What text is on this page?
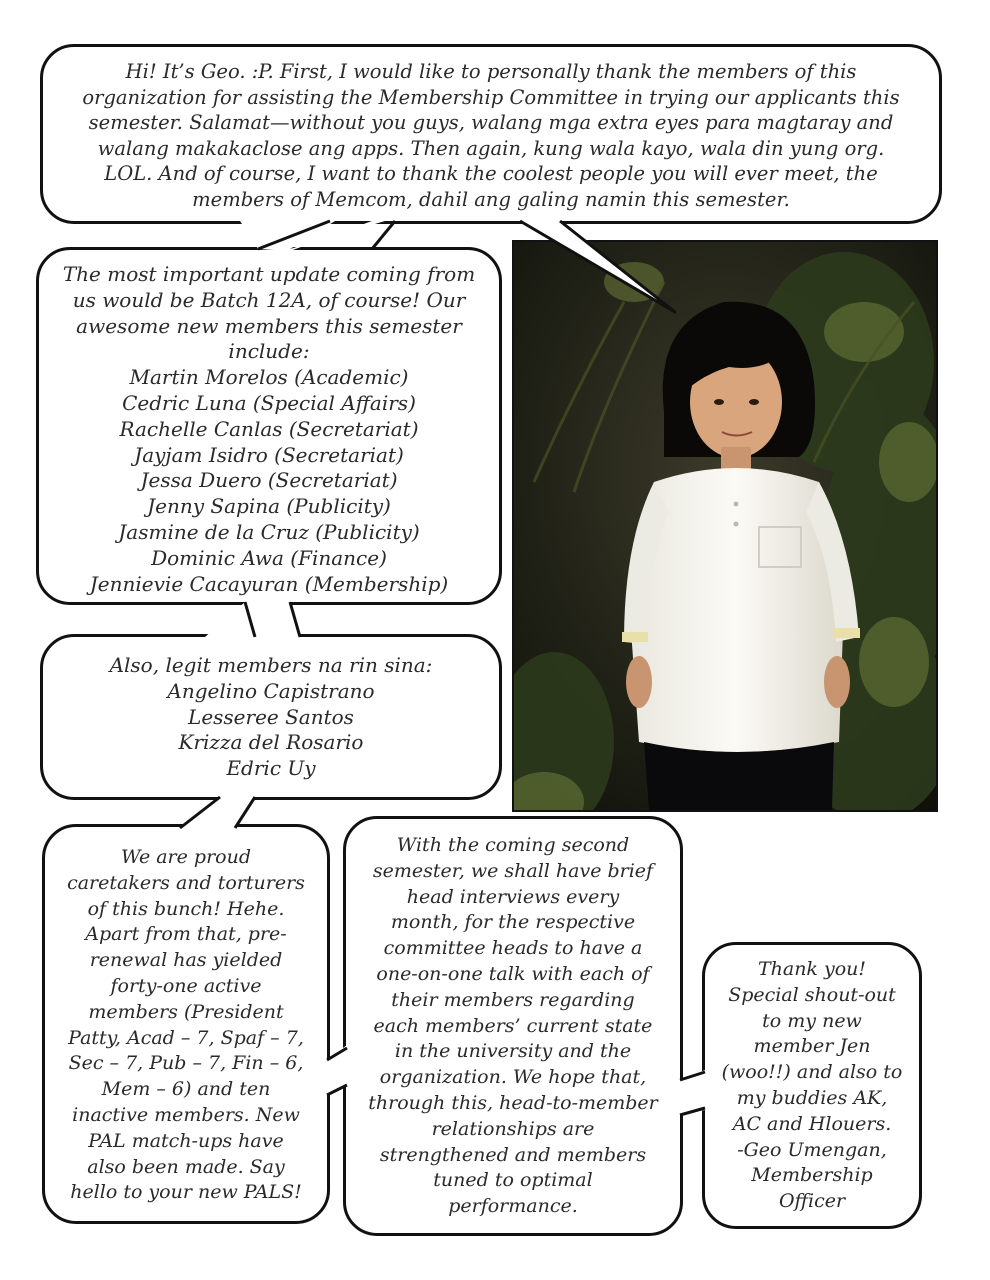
Hi! It’s Geo. :P. First, I would like to personally thank the members of this
organization for assisting the Membership Committee in trying our applicants this
semester. Salamat—without you guys, walang mga extra eyes para magtaray and
walang makakaclose ang apps. Then again, kung wala kayo, wala din yung org.
LOL. And of course, I want to thank the coolest people you will ever meet, the
members of Memcom, dahil ang galing namin this semester.

The most important update coming from
us would be Batch 12A, of course! Our
awesome new members this semester
include:

Martin Morelos (Academic)
Cedric Luna (Special Affairs)
Rachelle Canlas (Secretariat)
Jayjam Isidro (Secretariat)
Jessa Duero (Secretariat)
Jenny Sapina (Publicity)
Jasmine de la Cruz (Publicity)
Dominic Awa (Finance)
Jennievie Cacayuran (Membership)

Also, legit members na rin sina:
Angelino Capistrano
Lesseree Santos
Krizza del Rosario
Edric Uy

We are proud
caretakers and torturers
of this bunch! Hehe.
Apart from that, pre-
renewal has yielded
forty-one active
members (President
Patty, Acad – 7, Spaf – 7,
Sec – 7, Pub – 7, Fin – 6,
Mem – 6) and ten
inactive members. New
PAL match-ups have
also been made. Say
hello to your new PALS!

With the coming second
semester, we shall have brief
head interviews every
month, for the respective
committee heads to have a
one-on-one talk with each of
their members regarding
each members’ current state
in the university and the
organization. We hope that,
through this, head-to-member
relationships are
strengthened and members
tuned to optimal
performance.

Thank you!
Special shout-out
to my new
member Jen
(woo!!) and also to
my buddies AK,
AC and Hlouers.
-Geo Umengan,
Membership
Officer
